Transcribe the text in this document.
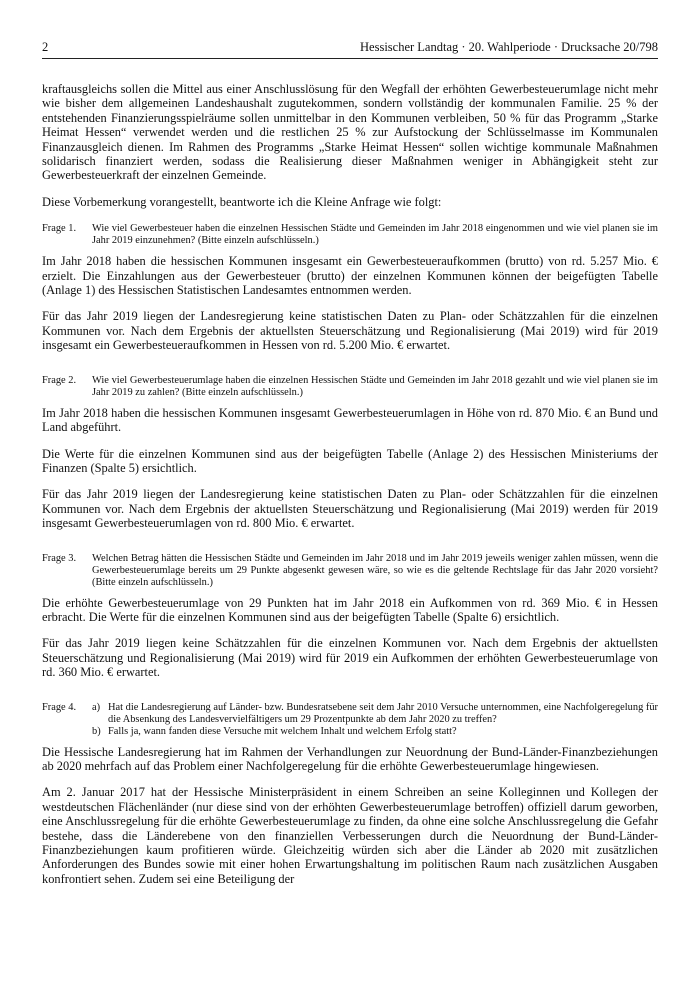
2	Hessischer Landtag · 20. Wahlperiode · Drucksache 20/798

kraftausgleichs sollen die Mittel aus einer Anschlusslösung für den Wegfall der erhöhten Gewerbesteuerumlage nicht mehr wie bisher dem allgemeinen Landeshaushalt zugutekommen, sondern vollständig der kommunalen Familie. 25 % der entstehenden Finanzierungsspielräume sollen unmittelbar in den Kommunen verbleiben, 50 % für das Programm „Starke Heimat Hessen“ verwendet werden und die restlichen 25 % zur Aufstockung der Schlüsselmasse im Kommunalen Finanzausgleich dienen. Im Rahmen des Programms „Starke Heimat Hessen“ sollen wichtige kommunale Maßnahmen solidarisch finanziert werden, sodass die Realisierung dieser Maßnahmen weniger in Abhängigkeit steht zur Gewerbesteuerkraft der einzelnen Gemeinde.

Diese Vorbemerkung vorangestellt, beantworte ich die Kleine Anfrage wie folgt:

Frage 1.	Wie viel Gewerbesteuer haben die einzelnen Hessischen Städte und Gemeinden im Jahr 2018 eingenommen und wie viel planen sie im Jahr 2019 einzunehmen? (Bitte einzeln aufschlüsseln.)

Im Jahr 2018 haben die hessischen Kommunen insgesamt ein Gewerbesteueraufkommen (brutto) von rd. 5.257 Mio. € erzielt. Die Einzahlungen aus der Gewerbesteuer (brutto) der einzelnen Kommunen können der beigefügten Tabelle (Anlage 1) des Hessischen Statistischen Landesamtes entnommen werden.

Für das Jahr 2019 liegen der Landesregierung keine statistischen Daten zu Plan- oder Schätzzahlen für die einzelnen Kommunen vor. Nach dem Ergebnis der aktuellsten Steuerschätzung und Regionalisierung (Mai 2019) wird für 2019 insgesamt ein Gewerbesteueraufkommen in Hessen von rd. 5.200 Mio. € erwartet.

Frage 2.	Wie viel Gewerbesteuerumlage haben die einzelnen Hessischen Städte und Gemeinden im Jahr 2018 gezahlt und wie viel planen sie im Jahr 2019 zu zahlen? (Bitte einzeln aufschlüsseln.)

Im Jahr 2018 haben die hessischen Kommunen insgesamt Gewerbesteuerumlagen in Höhe von rd. 870 Mio. € an Bund und Land abgeführt.

Die Werte für die einzelnen Kommunen sind aus der beigefügten Tabelle (Anlage 2) des Hessischen Ministeriums der Finanzen (Spalte 5) ersichtlich.

Für das Jahr 2019 liegen der Landesregierung keine statistischen Daten zu Plan- oder Schätzzahlen für die einzelnen Kommunen vor. Nach dem Ergebnis der aktuellsten Steuerschätzung und Regionalisierung (Mai 2019) werden für 2019 insgesamt Gewerbesteuerumlagen von rd. 800 Mio. € erwartet.

Frage 3.	Welchen Betrag hätten die Hessischen Städte und Gemeinden im Jahr 2018 und im Jahr 2019 jeweils weniger zahlen müssen, wenn die Gewerbesteuerumlage bereits um 29 Punkte abgesenkt gewesen wäre, so wie es die geltende Rechtslage für das Jahr 2020 vorsieht? (Bitte einzeln aufschlüsseln.)

Die erhöhte Gewerbesteuerumlage von 29 Punkten hat im Jahr 2018 ein Aufkommen von rd. 369 Mio. € in Hessen erbracht. Die Werte für die einzelnen Kommunen sind aus der beigefügten Tabelle (Spalte 6) ersichtlich.

Für das Jahr 2019 liegen keine Schätzzahlen für die einzelnen Kommunen vor. Nach dem Ergebnis der aktuellsten Steuerschätzung und Regionalisierung (Mai 2019) wird für 2019 ein Aufkommen der erhöhten Gewerbesteuerumlage von rd. 360 Mio. € erwartet.

Frage 4.	a) Hat die Landesregierung auf Länder- bzw. Bundesratsebene seit dem Jahr 2010 Versuche unternommen, eine Nachfolgeregelung für die Absenkung des Landesvervielfältigers um 29 Prozentpunkte ab dem Jahr 2020 zu treffen?
b) Falls ja, wann fanden diese Versuche mit welchem Inhalt und welchem Erfolg statt?

Die Hessische Landesregierung hat im Rahmen der Verhandlungen zur Neuordnung der Bund-Länder-Finanzbeziehungen ab 2020 mehrfach auf das Problem einer Nachfolgeregelung für die erhöhte Gewerbesteuerumlage hingewiesen.

Am 2. Januar 2017 hat der Hessische Ministerpräsident in einem Schreiben an seine Kolleginnen und Kollegen der westdeutschen Flächenländer (nur diese sind von der erhöhten Gewerbesteuerumlage betroffen) offiziell darum geworben, eine Anschlussregelung für die erhöhte Gewerbesteuerumlage zu finden, da ohne eine solche Anschlussregelung die Gefahr bestehe, dass die Länderebene von den finanziellen Verbesserungen durch die Neuordnung der Bund-Länder-Finanzbeziehungen kaum profitieren würde. Gleichzeitig würden sich aber die Länder ab 2020 mit zusätzlichen Anforderungen des Bundes sowie mit einer hohen Erwartungshaltung im politischen Raum nach zusätzlichen Ausgaben konfrontiert sehen. Zudem sei eine Beteiligung der
